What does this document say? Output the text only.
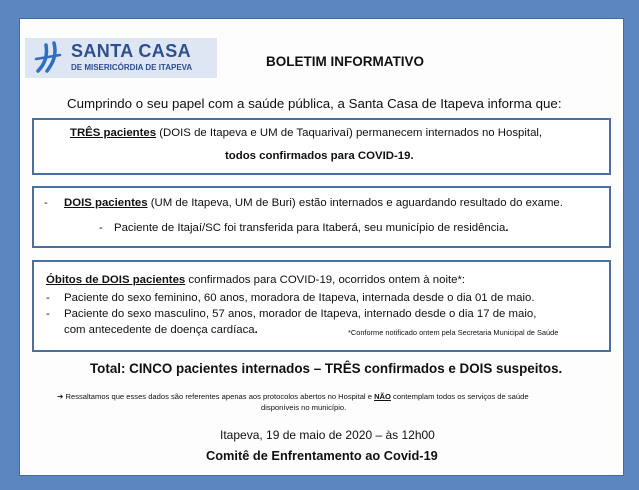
SANTA CASA
DE MISERICÓRDIA DE ITAPEVA	BOLETIM INFORMATIVO
Cumprindo o seu papel com a saúde pública, a Santa Casa de Itapeva informa que:
TRÊS pacientes (DOIS de Itapeva e UM de Taquarivaí) permanecem internados no Hospital,
todos confirmados para COVID-19.
- DOIS pacientes (UM de Itapeva, UM de Buri) estão internados e aguardando resultado do exame.
- Paciente de Itajaí/SC foi transferida para Itaberá, seu município de residência.
Óbitos de DOIS pacientes confirmados para COVID-19, ocorridos ontem à noite*:
- Paciente do sexo feminino, 60 anos, moradora de Itapeva, internada desde o dia 01 de maio.
- Paciente do sexo masculino, 57 anos, morador de Itapeva, internado desde o dia 17 de maio,
com antecedente de doença cardíaca.	*Conforme notificado ontem pela Secretaria Municipal de Saúde
Total: CINCO pacientes internados – TRÊS confirmados e DOIS suspeitos.
➔ Ressaltamos que esses dados são referentes apenas aos protocolos abertos no Hospital e NÃO contemplam todos os serviços de saúde
disponíveis no município.
Itapeva, 19 de maio de 2020 – às 12h00
Comitê de Enfrentamento ao Covid-19
